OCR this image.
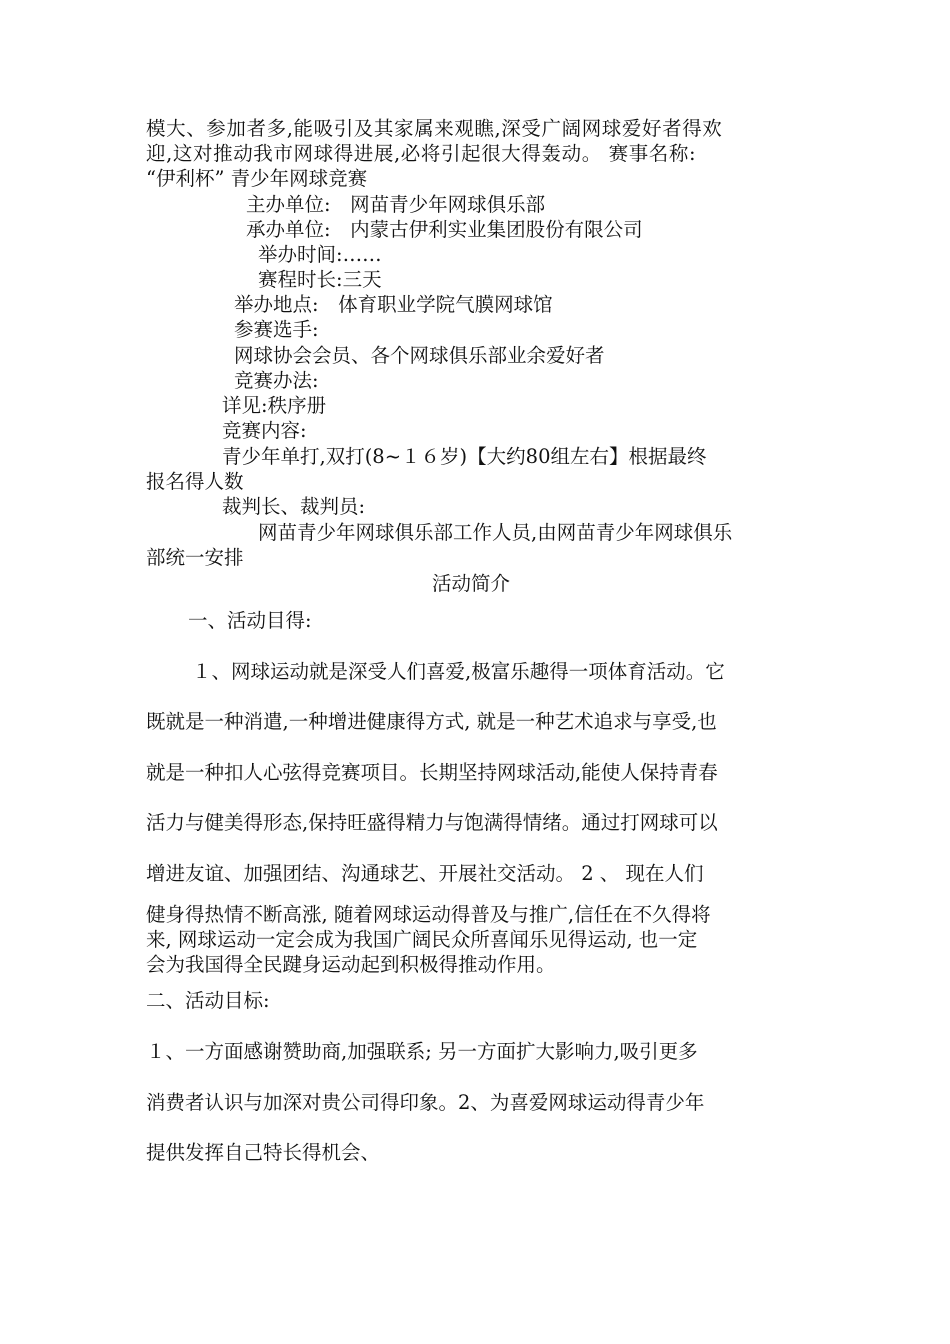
模大、参加者多,能吸引及其家属来观瞧,深受广阔网球爱好者得欢
迎,这对推动我市网球得进展,必将引起很大得轰动。 ﻿赛事名称:
“伊利杯” 青少年网球竞赛
主办单位:　网苗青少年网球俱乐部
承办单位:　内蒙古伊利实业集团股份有限公司
举办时间:……
赛程时长:三天
举办地点:　体育职业学院气膜网球馆
参赛选手:
网球协会会员、各个网球俱乐部业余爱好者
竞赛办法:
详见:秩序册
竞赛内容:
青少年单打,双打(8~１６岁)【大约80组左右】根据最终
报名得人数
裁判长、裁判员:
网苗青少年网球俱乐部工作人员,由网苗青少年网球俱乐
部统一安排
活动简介
一、活动目得:
１、网球运动就是深受人们喜爱,极富乐趣得一项体育活动。它
既就是一种消遣,一种增进健康得方式, 就是一种艺术追求与享受,也
就是一种扣人心弦得竞赛项目。长期坚持网球活动,能使人保持青春
活力与健美得形态,保持旺盛得精力与饱满得情绪。通过打网球可以
增进友谊、加强团结、沟通球艺、开展社交活动。 2 ﻿、 现在人们
健身得热情不断高涨, 随着网球运动得普及与推广,信任在不久得将
来, 网球运动一定会成为我国广阔民众所喜闻乐见得运动, 也一定
会为我国得全民踺身运动起到积极得推动作用。
二、活动目标:
１、一方面感谢赞助商,加强联系; 另一方面扩大影响力,吸引更多
消费者认识与加深对贵公司得印象。2﻿、为喜爱网球运动得青少年
提供发挥自己特长得机会、
